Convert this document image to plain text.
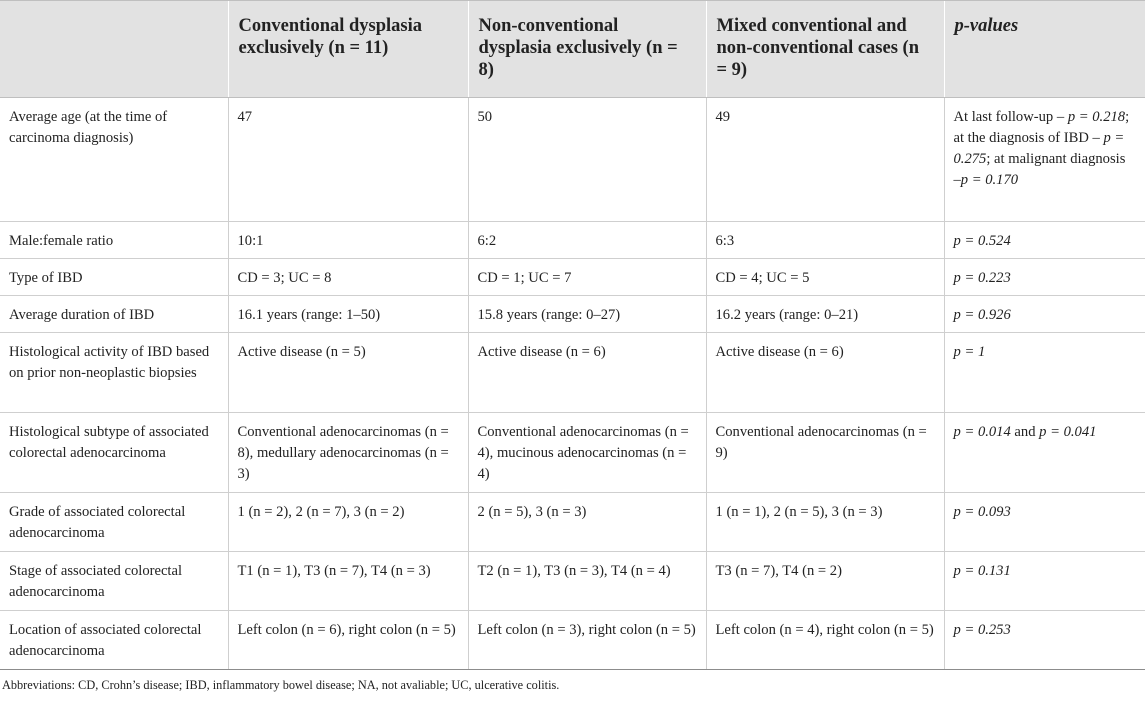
	Conventional dysplasia exclusively (n = 11)	Non-conventional dysplasia exclusively (n = 8)	Mixed conventional and non-conventional cases (n = 9)	p-values
Average age (at the time of carcinoma diagnosis)	47	50	49	At last follow-up – p = 0.218; at the diagnosis of IBD – p = 0.275; at malignant diagnosis –p = 0.170
Male:female ratio	10:1	6:2	6:3	p = 0.524
Type of IBD	CD = 3; UC = 8	CD = 1; UC = 7	CD = 4; UC = 5	p = 0.223
Average duration of IBD	16.1 years (range: 1–50)	15.8 years (range: 0–27)	16.2 years (range: 0–21)	p = 0.926
Histological activity of IBD based on prior non-neoplastic biopsies	Active disease (n = 5)	Active disease (n = 6)	Active disease (n = 6)	p = 1
Histological subtype of associated colorectal adenocarcinoma	Conventional adenocarcinomas (n = 8), medullary adenocarcinomas (n = 3)	Conventional adenocarcinomas (n = 4), mucinous adenocarcinomas (n = 4)	Conventional adenocarcinomas (n = 9)	p = 0.014 and p = 0.041
Grade of associated colorectal adenocarcinoma	1 (n = 2), 2 (n = 7), 3 (n = 2)	2 (n = 5), 3 (n = 3)	1 (n = 1), 2 (n = 5), 3 (n = 3)	p = 0.093
Stage of associated colorectal adenocarcinoma	T1 (n = 1), T3 (n = 7), T4 (n = 3)	T2 (n = 1), T3 (n = 3), T4 (n = 4)	T3 (n = 7), T4 (n = 2)	p = 0.131
Location of associated colorectal adenocarcinoma	Left colon (n = 6), right colon (n = 5)	Left colon (n = 3), right colon (n = 5)	Left colon (n = 4), right colon (n = 5)	p = 0.253
Abbreviations: CD, Crohn’s disease; IBD, inflammatory bowel disease; NA, not avaliable; UC, ulcerative colitis.
